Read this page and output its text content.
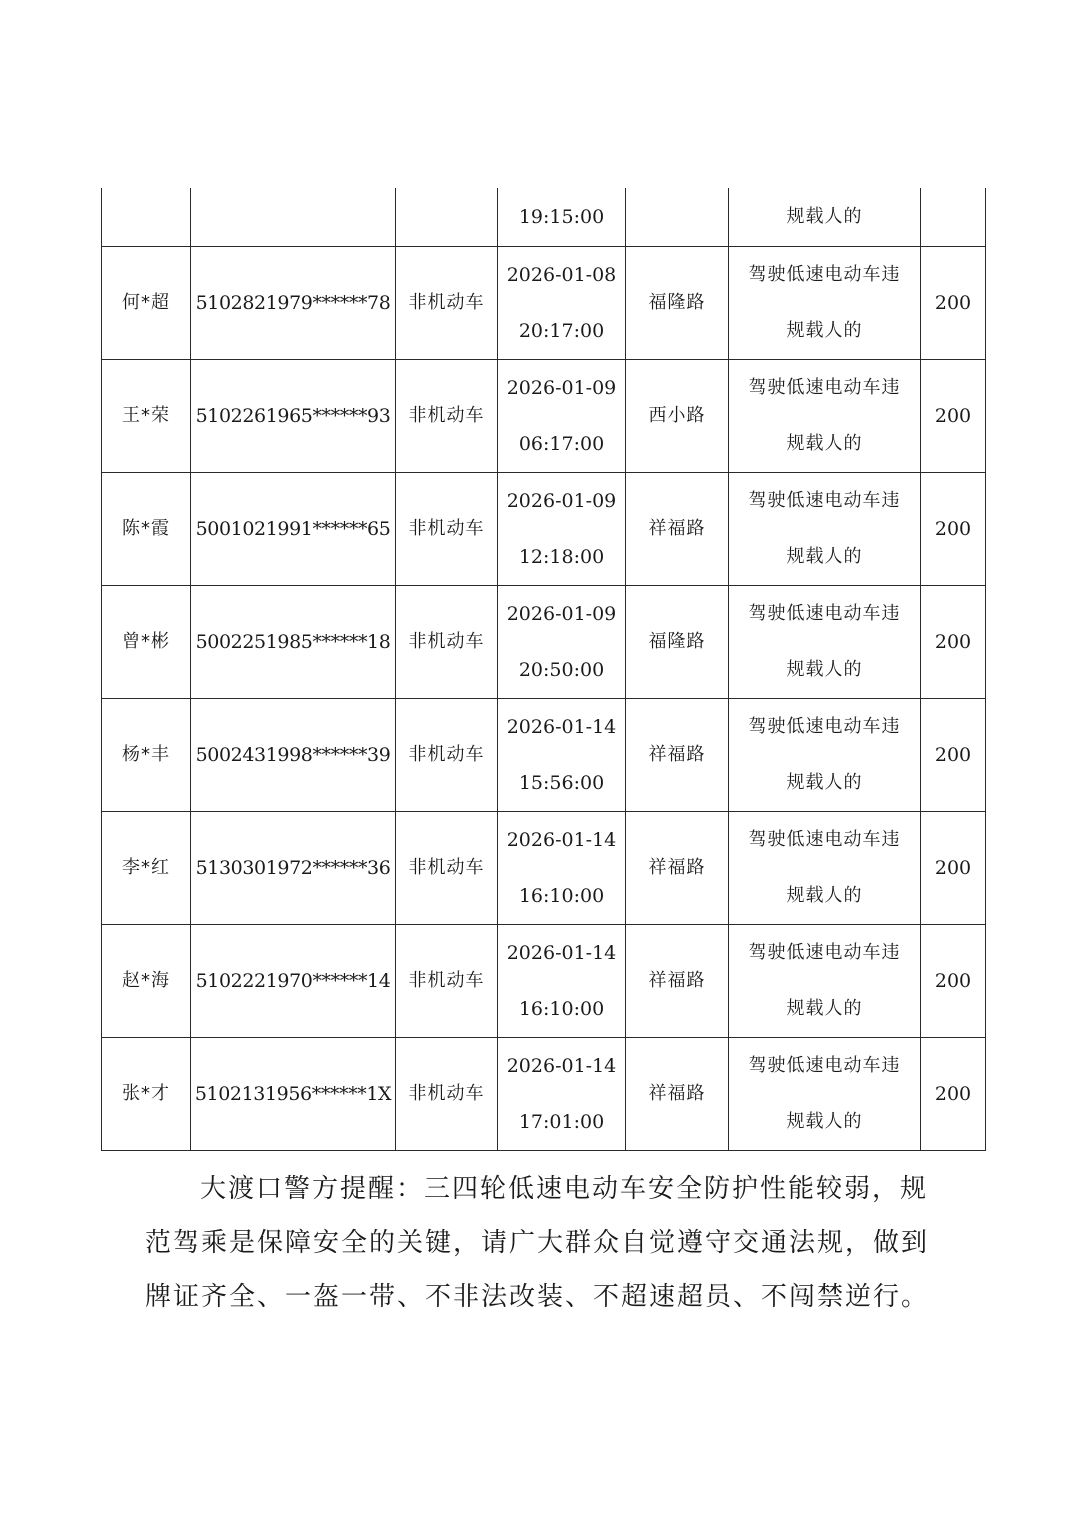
			19:15:00		规载人的	
何*超	5102821979******78	非机动车	2026-01-08
20:17:00	福隆路	驾驶低速电动车违
规载人的	200
王*荣	5102261965******93	非机动车	2026-01-09
06:17:00	西小路	驾驶低速电动车违
规载人的	200
陈*霞	5001021991******65	非机动车	2026-01-09
12:18:00	祥福路	驾驶低速电动车违
规载人的	200
曾*彬	5002251985******18	非机动车	2026-01-09
20:50:00	福隆路	驾驶低速电动车违
规载人的	200
杨*丰	5002431998******39	非机动车	2026-01-14
15:56:00	祥福路	驾驶低速电动车违
规载人的	200
李*红	5130301972******36	非机动车	2026-01-14
16:10:00	祥福路	驾驶低速电动车违
规载人的	200
赵*海	5102221970******14	非机动车	2026-01-14
16:10:00	祥福路	驾驶低速电动车违
规载人的	200
张*才	5102131956******1X	非机动车	2026-01-14
17:01:00	祥福路	驾驶低速电动车违
规载人的	200

大渡口警方提醒：三四轮低速电动车安全防护性能较弱，规范驾乘是保障安全的关键，请广大群众自觉遵守交通法规，做到牌证齐全、一盔一带、不非法改装、不超速超员、不闯禁逆行。
